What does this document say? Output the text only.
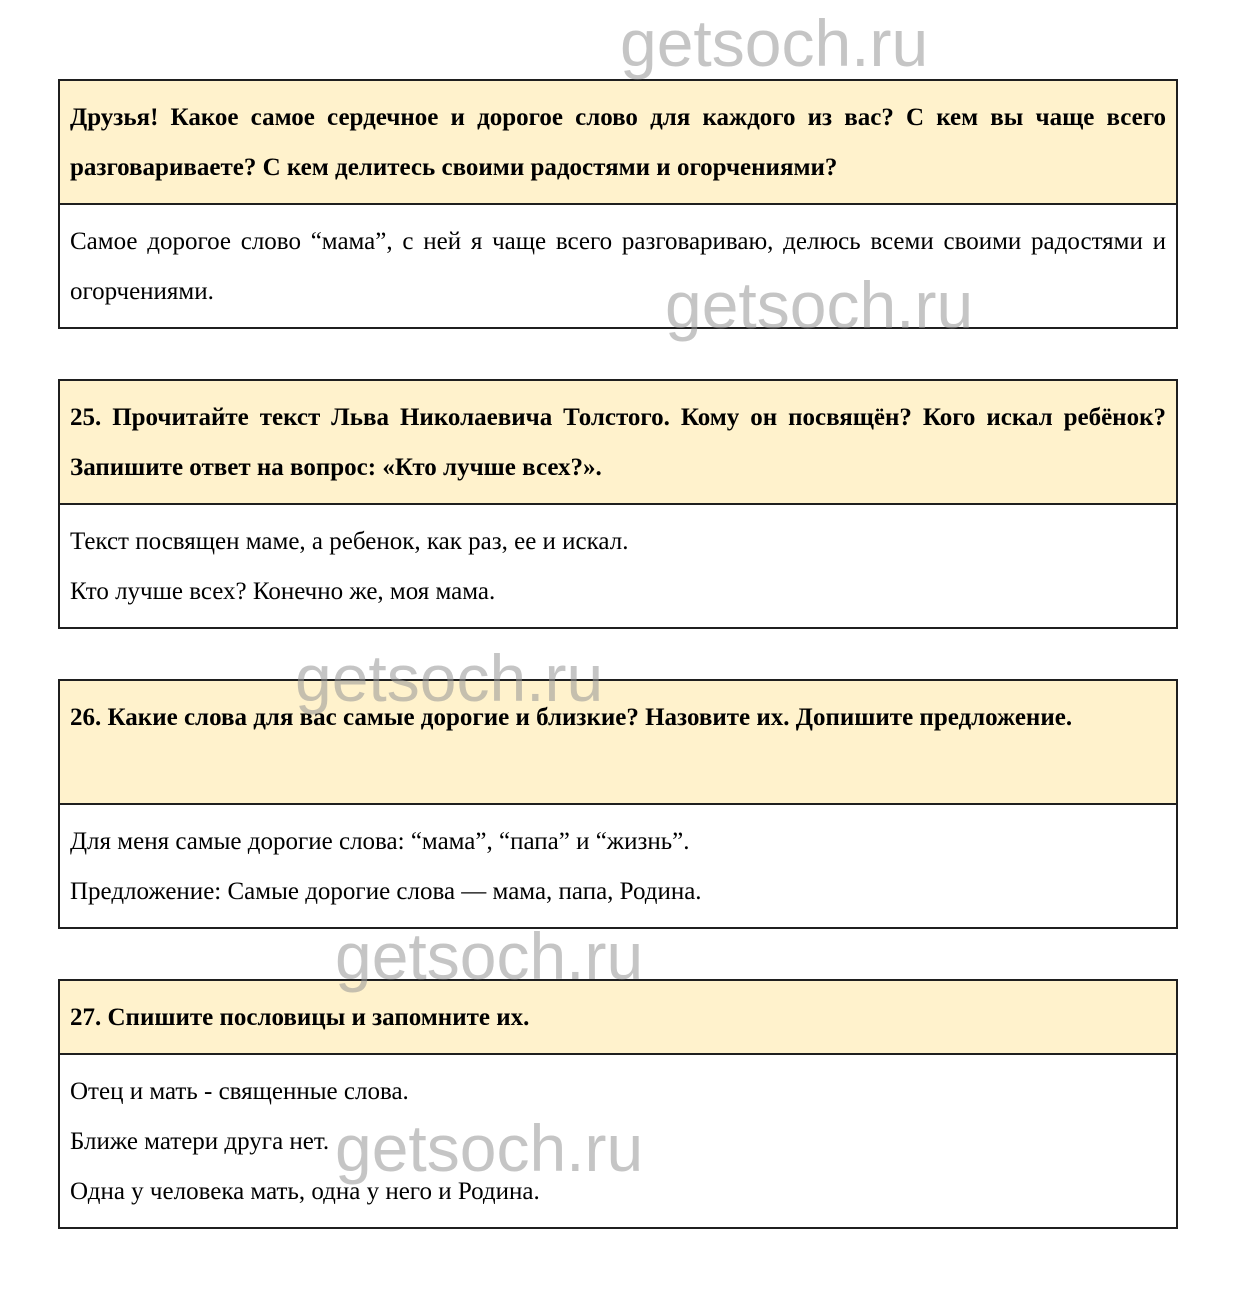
Друзья! Какое самое сердечное и дорогое слово для каждого из вас? С кем вы чаще всего разговариваете? С кем делитесь своими радостями и огорчениями?

Самое дорогое слово “мама”, с ней я чаще всего разговариваю, делюсь всеми своими радостями и огорчениями.

25. Прочитайте текст Льва Николаевича Толстого. Кому он посвящён? Кого искал ребёнок? Запишите ответ на вопрос: «Кто лучше всех?».

Текст посвящен маме, а ребенок, как раз, ее и искал.

Кто лучше всех? Конечно же, моя мама.

26. Какие слова для вас самые дорогие и близкие? Назовите их. Допишите предложение.

Для меня самые дорогие слова: “мама”, “папа” и “жизнь”.

Предложение: Самые дорогие слова — мама, папа, Родина.

27. Спишите пословицы и запомните их.

Отец и мать - священные слова.

Ближе матери друга нет.

Одна у человека мать, одна у него и Родина.

getsoch.ru
getsoch.ru
getsoch.ru
getsoch.ru
getsoch.ru
